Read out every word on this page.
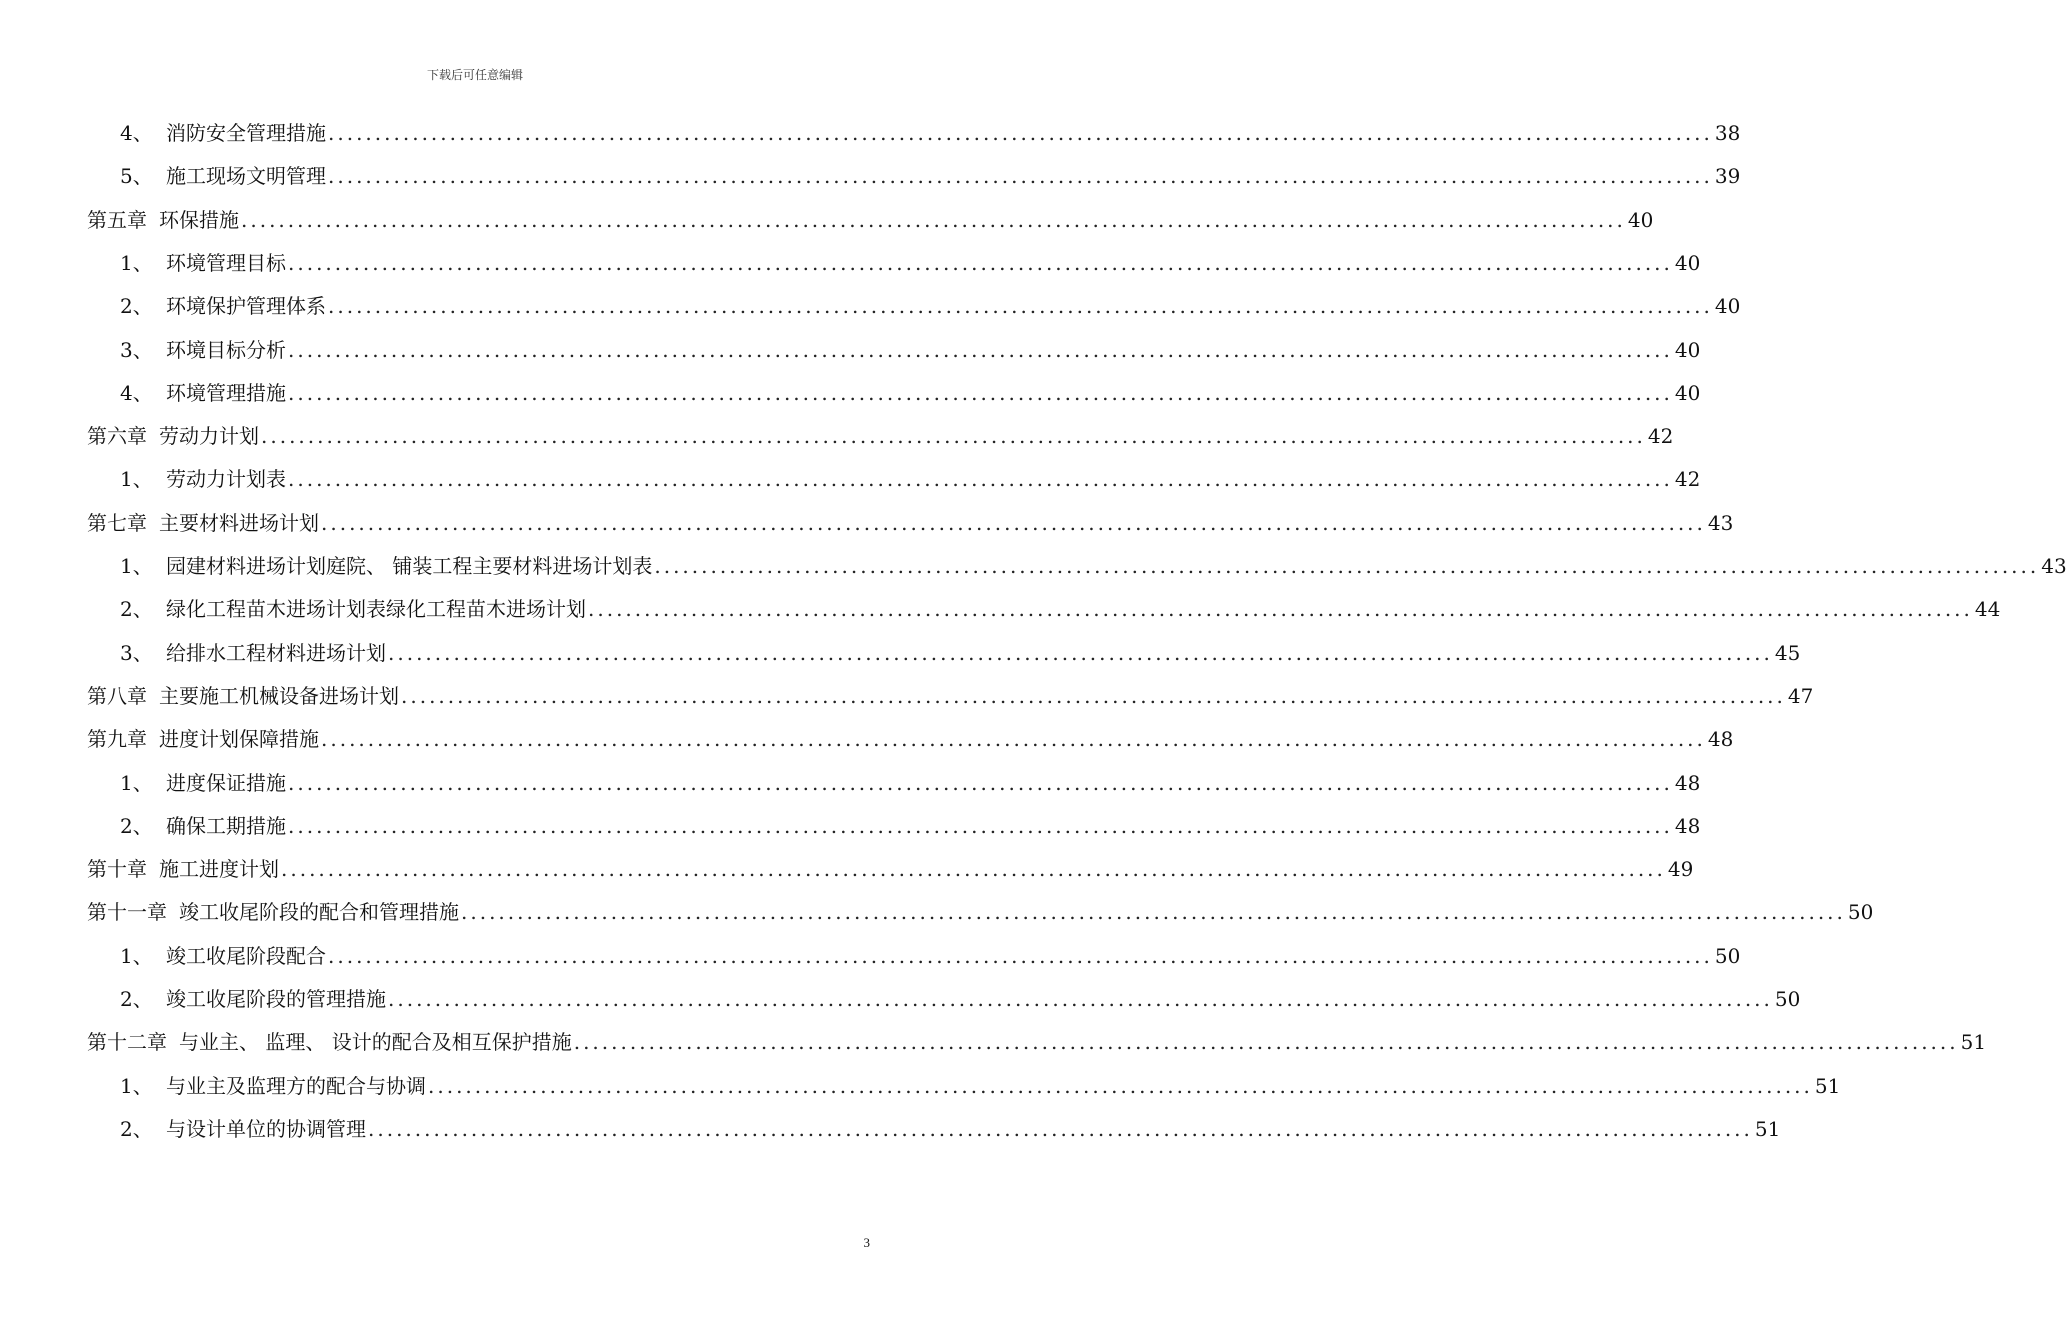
下载后可任意编辑
4、 消防安全管理措施 .................................................................................................................................................... 38
5、 施工现场文明管理 .................................................................................................................................................... 39
第五章 环保措施 .................................................................................................................................................... 40
1、 环境管理目标 .................................................................................................................................................... 40
2、 环境保护管理体系 .................................................................................................................................................... 40
3、 环境目标分析 .................................................................................................................................................... 40
4、 环境管理措施 .................................................................................................................................................... 40
第六章 劳动力计划 .................................................................................................................................................... 42
1、 劳动力计划表 .................................................................................................................................................... 42
第七章 主要材料进场计划 .................................................................................................................................................... 43
1、 园建材料进场计划庭院、 铺装工程主要材料进场计划表 .................................................................................................................................................... 43
2、 绿化工程苗木进场计划表绿化工程苗木进场计划 .................................................................................................................................................... 44
3、 给排水工程材料进场计划 .................................................................................................................................................... 45
第八章 主要施工机械设备进场计划 .................................................................................................................................................... 47
第九章 进度计划保障措施 .................................................................................................................................................... 48
1、 进度保证措施 .................................................................................................................................................... 48
2、 确保工期措施 .................................................................................................................................................... 48
第十章 施工进度计划 .................................................................................................................................................... 49
第十一章 竣工收尾阶段的配合和管理措施 .................................................................................................................................................... 50
1、 竣工收尾阶段配合 .................................................................................................................................................... 50
2、 竣工收尾阶段的管理措施 .................................................................................................................................................... 50
第十二章 与业主、 监理、 设计的配合及相互保护措施 .................................................................................................................................................... 51
1、 与业主及监理方的配合与协调 .................................................................................................................................................... 51
2、 与设计单位的协调管理 .................................................................................................................................................... 51
3
